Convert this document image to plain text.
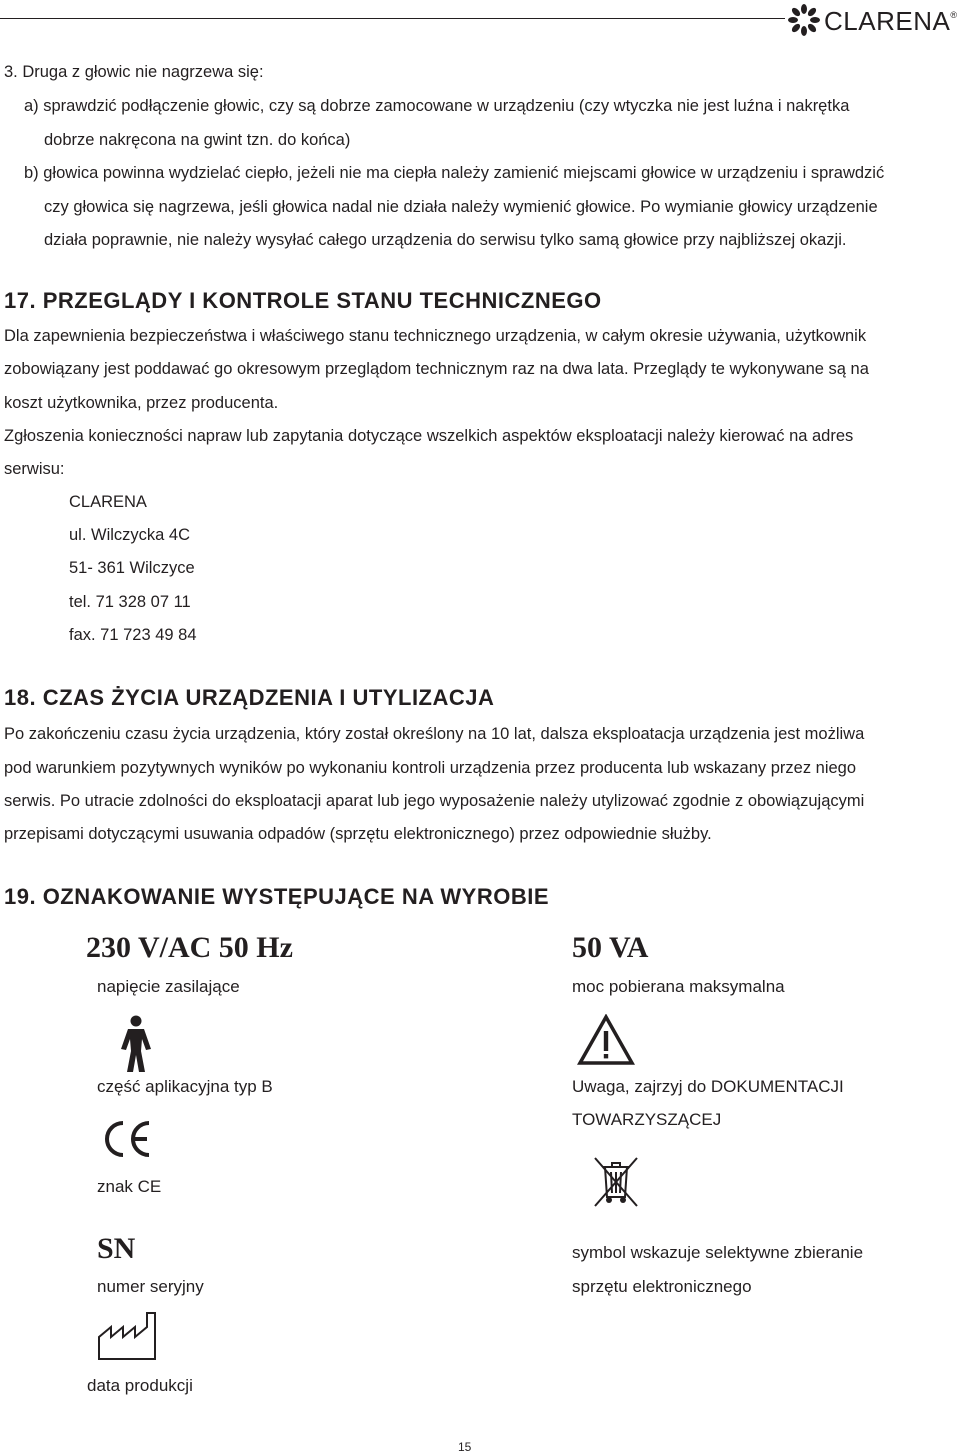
CLARENA®
3. Druga z głowic nie nagrzewa się:
a) sprawdzić podłączenie głowic, czy są dobrze zamocowane w urządzeniu (czy wtyczka nie jest luźna i nakrętka
dobrze nakręcona na gwint tzn. do końca)
b) głowica powinna wydzielać ciepło, jeżeli nie ma ciepła należy zamienić miejscami głowice w urządzeniu i sprawdzić
czy głowica się nagrzewa, jeśli głowica nadal nie działa należy wymienić głowice. Po wymianie głowicy urządzenie
działa poprawnie, nie należy wysyłać całego urządzenia do serwisu tylko samą głowice przy najbliższej okazji.
17. PRZEGLĄDY I KONTROLE STANU TECHNICZNEGO
Dla zapewnienia bezpieczeństwa i właściwego stanu technicznego urządzenia, w całym okresie używania, użytkownik
zobowiązany jest poddawać go okresowym przeglądom technicznym raz na dwa lata. Przeglądy te wykonywane są na
koszt użytkownika, przez producenta.
Zgłoszenia konieczności napraw lub zapytania dotyczące wszelkich aspektów eksploatacji należy kierować na adres
serwisu:
CLARENA
ul. Wilczycka 4C
51- 361 Wilczyce
tel. 71 328 07 11
fax. 71 723 49 84
18. CZAS ŻYCIA URZĄDZENIA I UTYLIZACJA
Po zakończeniu czasu życia urządzenia, który został określony na 10 lat, dalsza eksploatacja urządzenia jest możliwa
pod warunkiem pozytywnych wyników po wykonaniu kontroli urządzenia przez producenta lub wskazany przez niego
serwis. Po utracie zdolności do eksploatacji aparat lub jego wyposażenie należy utylizować zgodnie z obowiązującymi
przepisami dotyczącymi usuwania odpadów (sprzętu elektronicznego) przez odpowiednie służby.
19. OZNAKOWANIE WYSTĘPUJĄCE NA WYROBIE
230 V/AC 50 Hz
napięcie zasilające
50 VA
moc pobierana maksymalna
część aplikacyjna typ B	Uwaga, zajrzyj do DOKUMENTACJI
TOWARZYSZĄCEJ
znak CE
SN
numer seryjny
symbol wskazuje selektywne zbieranie
sprzętu elektronicznego
data produkcji
15
